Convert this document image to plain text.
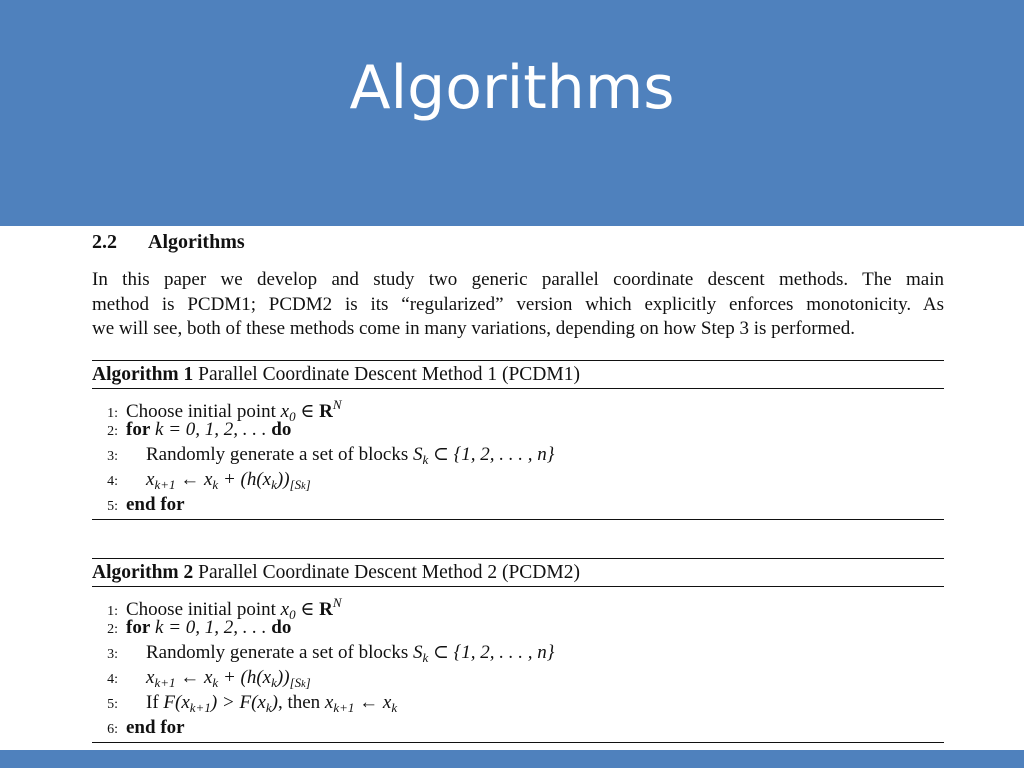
Algorithms
2.2 Algorithms

In this paper we develop and study two generic parallel coordinate descent methods. The main
method is PCDM1; PCDM2 is its “regularized” version which explicitly enforces monotonicity. As
we will see, both of these methods come in many variations, depending on how Step 3 is performed.

Algorithm 1 Parallel Coordinate Descent Method 1 (PCDM1)
1: Choose initial point $x_0$ ∈ $R^N$
2: for k = 0, 1, 2, . . . do
3: Randomly generate a set of blocks $S_k$ ⊂ {1, 2, . . . , n}
4: $x_{k+1}$ ← $x_k + (h(x_k))_{[Sk]}$
5: end for
Algorithm 2 Parallel Coordinate Descent Method 2 (PCDM2)
1: Choose initial point $x_0$ ∈ $R^N$
2: for k = 0, 1, 2, . . . do
3: Randomly generate a set of blocks $S_k$ ⊂ {1, 2, . . . , n}
4: $x_{k+1}$ ← $x_k + (h(x_k))_{[Sk]}$
5: If $F(x_{k+1}) > F(x_k)$, then $x_{k+1}$ ← $x_k$
6: end for
